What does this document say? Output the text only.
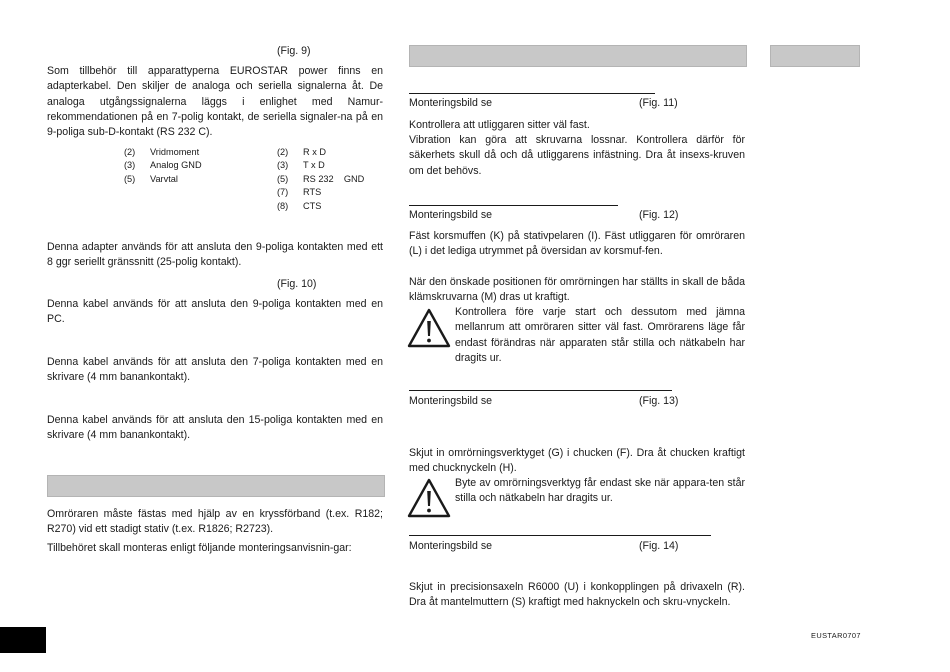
(Fig. 9)

Som tillbehör till apparattyperna EUROSTAR power finns en adapterkabel. Den skiljer de analoga och seriella signalerna åt. De analoga utgångssignalerna läggs i enlighet med Namur-rekommendationen på en 7-polig kontakt, de seriella signaler-na på en 9-poliga sub-D-kontakt (RS 232 C).

(2) Vridmoment
(3) Analog GND
(5) Varvtal
(2) R x D
(3) T x D
(5) RS 232    GND
(7) RTS
(8) CTS

Denna adapter används för att ansluta den 9-poliga kontakten med ett 8 ggr seriellt gränssnitt (25-polig kontakt).

(Fig. 10)

Denna kabel används för att ansluta den 9-poliga kontakten med en PC.

Denna kabel används för att ansluta den 7-poliga kontakten med en skrivare (4 mm banankontakt).

Denna kabel används för att ansluta den 15-poliga kontakten med en skrivare (4 mm banankontakt).

Omröraren måste fästas med hjälp av en kryssförband (t.ex. R182; R270) vid ett stadigt stativ (t.ex. R1826; R2723).

Tillbehöret skall monteras enligt följande monteringsanvisnin-gar:

Monteringsbild se	(Fig. 11)

Kontrollera att utliggaren sitter väl fast.

Vibration kan göra att skruvarna lossnar. Kontrollera därför för säkerhets skull då och då utliggarens infästning. Dra åt insexs-kruven om det behövs.

Monteringsbild se	(Fig. 12)

Fäst korsmuffen (K) på stativpelaren (I). Fäst utliggaren för omröraren (L) i det lediga utrymmet på översidan av korsmuf-fen.

När den önskade positionen för omrörningen har ställts in skall de båda klämskruvarna (M) dras ut kraftigt.

Kontrollera före varje start och dessutom med jämna mellanrum att omröraren sitter väl fast. Omrörarens läge får endast förändras när apparaten står stilla och nätkabeln har dragits ur.

Monteringsbild se	(Fig. 13)

Skjut in omrörningsverktyget (G) i chucken (F). Dra åt chucken kraftigt med chucknyckeln (H).

Byte av omrörningsverktyg får endast ske när appara-ten står stilla och nätkabeln har dragits ur.

Monteringsbild se	(Fig. 14)

Skjut in precisionsaxeln R6000 (U) i konkopplingen på drivaxeln (R). Dra åt mantelmuttern (S) kraftigt med haknyckeln och skru-vnyckeln.

EUSTAR0707
